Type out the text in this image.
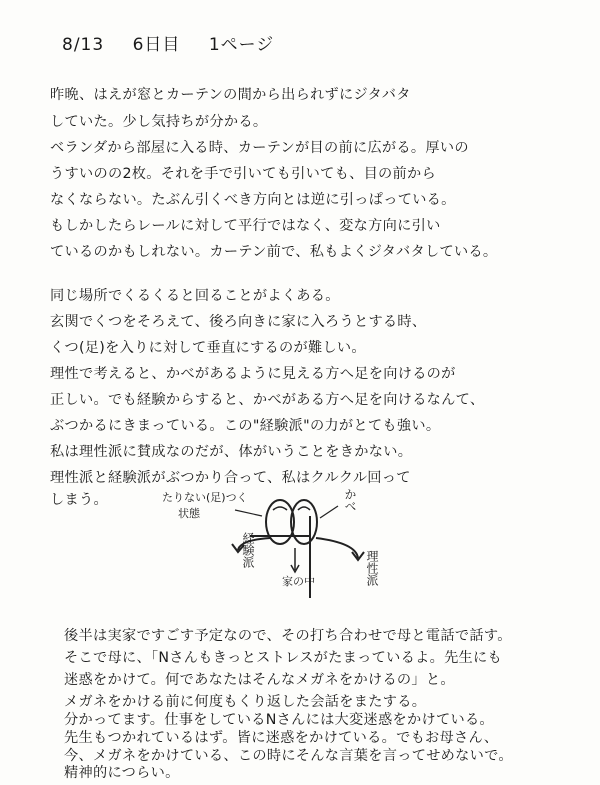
8/13 6日目 1ページ
昨晩、はえが窓とカーテンの間から出られずにジタバタ
していた。少し気持ちが分かる。
ベランダから部屋に入る時、カーテンが目の前に広がる。厚いの
うすいのの2枚。それを手で引いても引いても、目の前から
なくならない。たぶん引くべき方向とは逆に引っぱっている。
もしかしたらレールに対して平行ではなく、変な方向に引い
ているのかもしれない。カーテン前で、私もよくジタバタしている。
同じ場所でくるくると回ることがよくある。
玄関でくつをそろえて、後ろ向きに家に入ろうとする時、
くつ(足)を入りに対して垂直にするのが難しい。
理性で考えると、かべがあるように見える方へ足を向けるのが
正しい。でも経験からすると、かべがある方へ足を向けるなんて、
ぶつかるにきまっている。この"経験派"の力がとても強い。
私は理性派に賛成なのだが、体がいうことをきかない。
理性派と経験派がぶつかり合って、私はクルクル回って
しまう。	たりない(足)つく
状態
かべ
経験派	理性派
家の中
後半は実家ですごす予定なので、その打ち合わせで母と電話で話す。
そこで母に、「Nさんもきっとストレスがたまっているよ。先生にも
迷惑をかけて。何であなたはそんなメガネをかけるの」と。
メガネをかける前に何度もくり返した会話をまたする。
分かってます。仕事をしているNさんには大変迷惑をかけている。
先生もつかれているはず。皆に迷惑をかけている。でもお母さん、
今、メガネをかけている、この時にそんな言葉を言ってせめないで。
精神的につらい。
